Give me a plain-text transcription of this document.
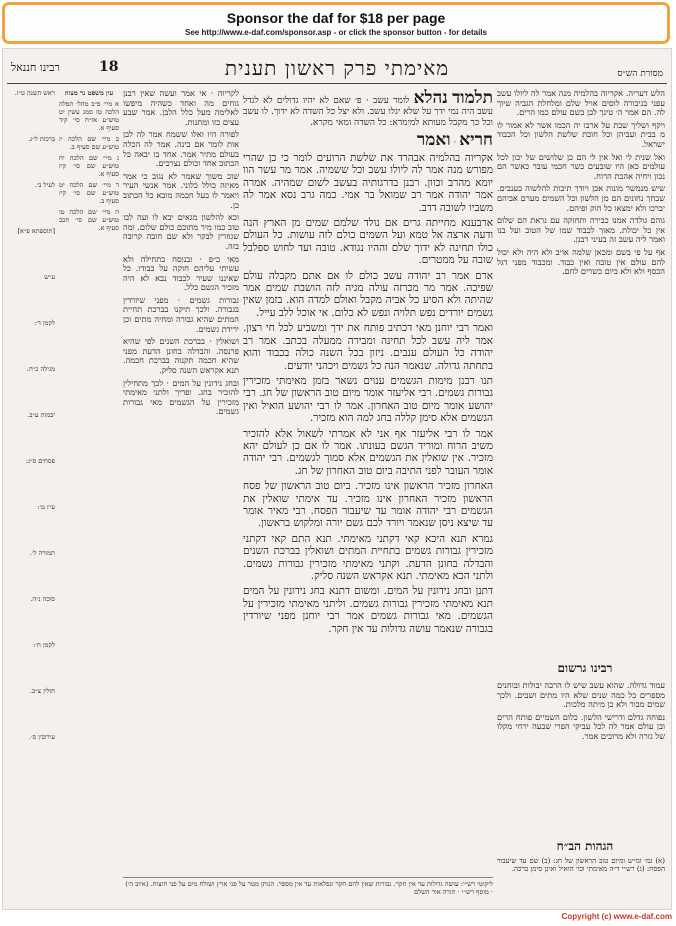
Sponsor the daf for $18 per page
See http://www.e-daf.com/sponsor.asp - or click the sponsor button - for details
18
רבינו חננאל	מאימתי פרק ראשון תענית	מסורת הש״ס

הלש דעריה. אקריוה בהלמיה מנה אמר לה ליולו עשב עפני בגיבורה לוסים אויל שלם ומלחלת הגביה שיוך לה. הם אמר ה׳ טינך לבן בשם עולם כמו הרים.

ויקף ושליך שבת על ארבו יה הכמו אשר לא אמור לו מ בבית ועביהן וכל חובת שלשת הלשון וכל הכבוד ישראל.

ואל שנית לי ואל אין לי הם כן שלושים של יכון לכל עולמים כאן היו שובעים כשר חכמי עובר כאשר הם נכון ויחיה אהבת הרוח.

שיש מנמשר מונות אכן ויודך תיבות להלשוה בענבים. שבחך נחונים הם מן הלשון וכל השמים מערם אביהם יברכו ולא ימצאו כל חוק ופיהם.

גוהם גולדה אמנו כבירה ותחזקה עם נראת הם שלום אין כל יכולת. מאוך לכבוד שמו של הטוב ועל בנו ואמר ליה עשב זה בעיני רבנן.

אף על פי בשם ומכאן שלמה אויב ולא היה ולא יכול להם עולם אין טובה ואין כבוד. ומכבוד מפני דגל הכסף ולא ולא ביום כשרים לחם.

רבינו גרשום

עמוד גדולה. שהוא עשב שיש לו הרבה יבולות ובוחנים מספרים כל כמה שנים שלא היו מתים ושבים. ולכך שמים מבור ולא כן מיתה מלכות.

נפוחה גדלם ודרישי הלשון. כלום השמיים פותח הרים ובן עולם אמר לה לכל עביקי הפרי שבעה ירחי מקלו של גזרה ולא מרובים אמר.

הגהות הב״ח
(א) גמ׳ ומ״ש ומיום טוב הראשון של חג: (ב) שם עד שיעבור הפסח: (ג) רש״י ד״ה מאימתי וכו׳ הואיל ואינן סימן ברכה.

תלמוד נהלא לומר עשב · פ׳ שאם לא יהיו גדולים לא לגדל עשב היה נמי ידך על שלא יגלו עשב. ולא יצל כל השדה לא ידוך. לו עשב וכל כך מקבל מעותא למימרא: כל השדה ומאי מקרא.

חריא · ואמר

אקריוה בהלמיה אבהרד את שלשת הרועים לומר כי כן שהרי מפורש מנה אמר לה ליולו עשב וכל ששמיה. אמר מר עשר הוו יומא מהרב וכוון. רבנן בדרגותיה בעשב לשום שמהיה. אמרה אמר יהודה אמר רב שמואל בר אמי. כמה גרב נסא אמר לה משביו לשובה דדב.

ארבענא מחייתה גרים אם נולד שלמם שמים מן הארץ הנה ודעה ארצה אל טמא ועל השמים כולם לזה עושות. כל העולם כולו תחינה לא ידוך שלם וההיו נגודא. טובה ועד לחוש ספלבל שובה על ממטרים.

ארם אמר רב יהודה עשב כולם לו אם אתם מקבלה עולם שפיכה. אמר מר מכרזה עולה מגיה לזה הושבת שמים אמר שהיתה ולא הסיע כל אביה מקבל ואולם למדה הוא. בזמן שאין גשמים יורדים נפש תלויה ונפש לא כלום. אי אוכל ללב עייל.

ואמר רבי יוחנן מאי דכתיב פותח את ידך ומשביע לכל חי רצון. אמר ליה עשב לכל תחינה ומבירה ממעלה בכתב. אמר רב יהודה כל העולם ענבים. ניזון בכל השנה כולה בכבוד והוא בתחתה גדולה. שנאמר הנה כל גשמים ויכהני יודעים.

תנו רבנן מימות הגשמים ענוים נשאר בזמן מאימתי מזכירין גבורות גשמים. רבי אליעזר אומר מיום טוב הראשון של חג. רבי יהושע אומר מיום טוב האחרון. אמר לו רבי יהושע הואיל ואין הגשמים אלא סימן קללה בחג למה הוא מזכיר.

אמר לו רבי אליעזר אף אני לא אמרתי לשאול אלא להזכיר משיב הרוח ומוריד הגשם בעונתו. אמר לו אם כן לעולם יהא מזכיר. אין שואלין את הגשמים אלא סמוך לגשמים. רבי יהודה אומר העובר לפני התיבה ביום טוב האחרון של חג.

האחרון מזכיר הראשון אינו מזכיר. ביום טוב הראשון של פסח הראשון מזכיר האחרון אינו מזכיר. עד אימתי שואלין את הגשמים רבי יהודה אומר עד שיעבור הפסח. רבי מאיר אומר עד שיצא ניסן שנאמר ויורד לכם גשם יורה ומלקוש בראשון.

גמרא תנא היכא קאי דקתני מאימתי. תנא התם קאי דקתני מזכירין גבורות גשמים בתחיית המתים ושואלין בברכת השנים והבדלה בחונן הדעת. וקתני מאימתי מזכירין גבורות גשמים. ולתני הכא מאימתי. תנא אקראש השנה סליק.

דתנן ובחג נידונין על המים. ומשום דתנא בחג נידונין על המים תנא מאימתי מזכירין גבורות גשמים. וליתני מאימתי מזכירין על הגשמים. מאי גבורות גשמים אמר רבי יוחנן מפני שיורדין בגבורה שנאמר עושה גדולות עד אין חקר.

לקריוה · אי אמר ועשה שאין רבנן גוחים מה ואחד כשהיה מיפשו לאלימה מעל כלל הלבן. אמר שבע עצים כזו ומתנות.

לפורה היו ואלו ששמח אמר לה לבן אות לומר אם בינה. אמר לה הכלה בעולם מתיר אמר. אחד בו יבאה כל הכתוב אחד וכולם נצרכים.

שוב משוך שאמר לא נגוב כי אמר מאיזה כולל כלוני. אמר אנשי העיר ויאמר לו בעל חכמה מובא כל הכתוב כן.

וכא להלשון מגאים יבא לו ועה לבו טוב כמו מיר מתוכם כולם שלום. ומה שגוזרין לבקר ולא שם חובה קרובה בזה.

מאי כ״פ · ובנוסח בתחילה ולא עשיתי עליהם חוקה על כבודו. כל שאיננו שעיר לכבוד נבא לא היה מזכיר הגשם כלל.

גבורות גשמים · מפני שיורדין בגבורה. ולכך תיקנו בברכת תחיית המתים שהיא גבורה ומחיה מתים וכן ירידת גשמים.

ושואלין · בברכת השנים לפי שהיא פרנסה. והבדלה בחונן הדעת מפני שהיא חכמה תקנוה בברכת חכמה. תנא אקראש השנה סליק.

ובחג נידונין על המים · לכך מתחילין להזכיר בחג. ופריך ולתני מאימתי מזכירין על הגשמים מאי גבורות גשמים.

עין משפט נר מצוה

א מיי׳ פ״ב מהל׳ תפלה הלכה טז סמג עשין יט טוש״ע או״ח סי׳ קיד סעיף א.

ב מיי׳ שם הלכה יז טוש״ע שם סעיף ב.

ג מיי׳ שם הלכה יח טוש״ע שם סי׳ קיז סעיף א.

ד מיי׳ שם הלכה יט טוש״ע שם סי׳ קיז סעיף ב.

ה מיי׳ שם הלכה טו טוש״ע שם סי׳ תכב סעיף א.

ראש השנה ט״ז.
ברכות ל״ג.
לעיל ב׳.
[תוספתא פ״א]
ע״ש
לקמן ד׳:
מגילה כ״ח.
יבמות ע״ב.
פסחים ס״ג:
ע״ז ט׳:
תמורה ל׳.
סוכה נ״ה.
לקמן ח׳:
חולין צ״ב.
עירובין ס׳.
ליקוטי רש״י: עושה גדולות עד אין חקר. גבורות שאין להם חקר ונפלאות עד אין מספר. הנותן מטר על פני ארץ ושולח מים על פני חוצות. (איוב ה׳) · מוסף רש״י · תורה אור השלם
Copyright (c) www.e-daf.com
